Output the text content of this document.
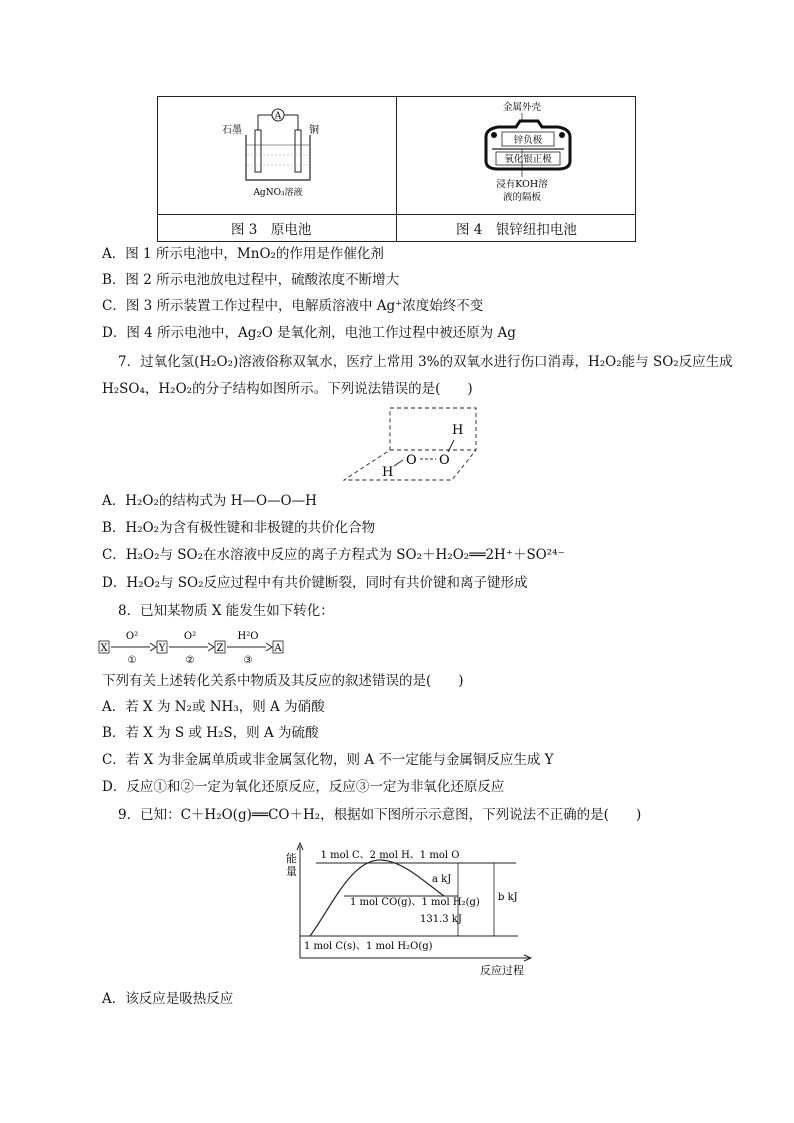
A
石墨	铜
AgNO₃溶液
金属外壳
锌负极
氧化银正极
浸有KOH溶
液的隔板
图 3　原电池	图 4　银锌纽扣电池
A．图 1 所示电池中，MnO₂的作用是作催化剂
B．图 2 所示电池放电过程中，硫酸浓度不断增大
C．图 3 所示装置工作过程中，电解质溶液中 Ag⁺浓度始终不变
D．图 4 所示电池中，Ag₂O 是氧化剂，电池工作过程中被还原为 Ag
7．过氧化氢(H₂O₂)溶液俗称双氧水，医疗上常用 3%的双氧水进行伤口消毒，H₂O₂能与 SO₂反应生成
H₂SO₄，H₂O₂的分子结构如图所示。下列说法错误的是(　　)
H
O O
H
A．H₂O₂的结构式为 H—O—O—H
B．H₂O₂为含有极性键和非极键的共价化合物
C．H₂O₂与 SO₂在水溶液中反应的离子方程式为 SO₂＋H₂O₂══2H⁺＋SO²⁴⁻
D．H₂O₂与 SO₂反应过程中有共价键断裂，同时有共价键和离子键形成
8．已知某物质 X 能发生如下转化：
X
O²
①
Y
O²
②
Z
H²O
③
A
下列有关上述转化关系中物质及其反应的叙述错误的是(　　)
A．若 X 为 N₂或 NH₃，则 A 为硝酸
B．若 X 为 S 或 H₂S，则 A 为硫酸
C．若 X 为非金属单质或非金属氢化物，则 A 不一定能与金属铜反应生成 Y
D．反应①和②一定为氧化还原反应，反应③一定为非氧化还原反应
9．已知：C＋H₂O(g)══CO＋H₂，根据如下图所示示意图，下列说法不正确的是(　　)
能
量
1 mol C、2 mol H、1 mol O
a kJ
1 mol CO(g)、1 mol H₂(g)
131.3 kJ
b kJ
1 mol C(s)、1 mol H₂O(g)
反应过程
A．该反应是吸热反应
